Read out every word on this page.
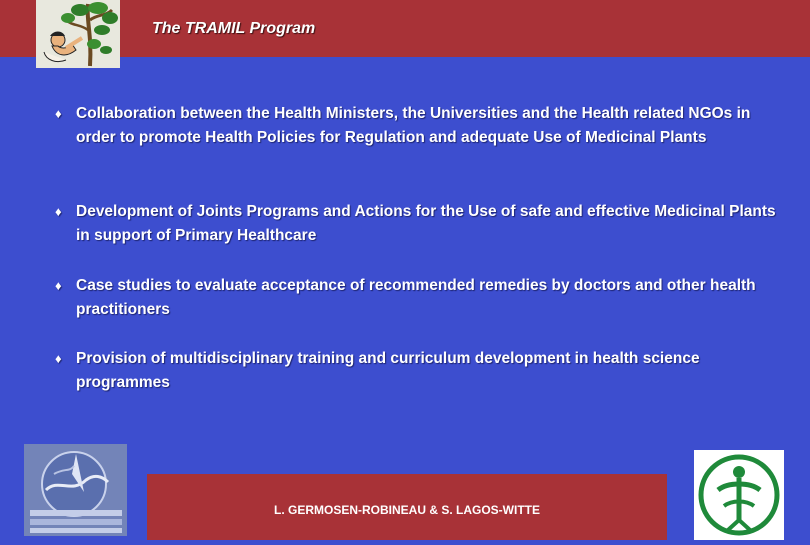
The TRAMIL Program
♦ Collaboration between the Health Ministers, the Universities and the Health related NGOs in order to promote Health Policies for Regulation and adequate Use of Medicinal Plants
♦ Development of Joints Programs and Actions for the Use of safe and effective Medicinal Plants in support of Primary Healthcare
♦ Case studies to evaluate acceptance of recommended remedies by doctors and other health practitioners
♦ Provision of multidisciplinary training and curriculum development in health science programmes
L. GERMOSEN-ROBINEAU & S. LAGOS-WITTE
